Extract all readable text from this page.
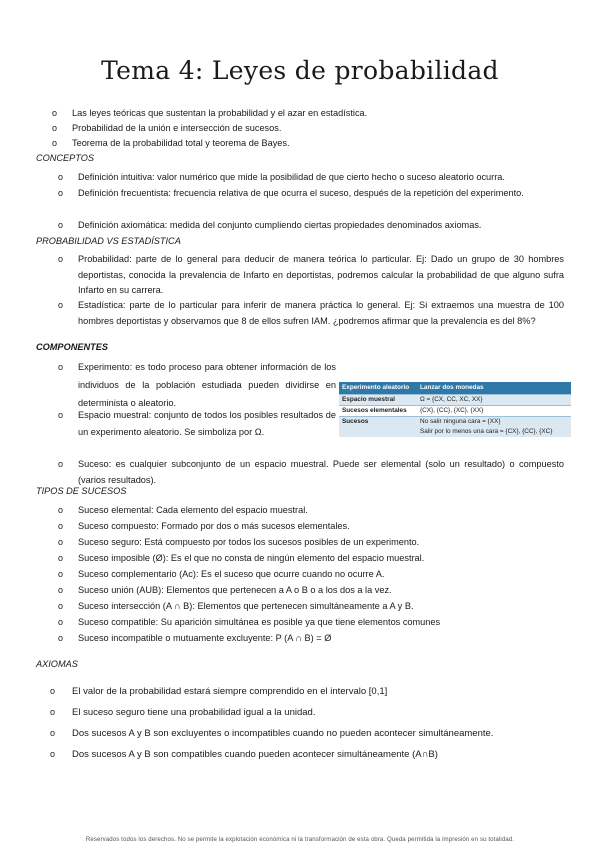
Tema 4: Leyes de probabilidad
o Las leyes teóricas que sustentan la probabilidad y el azar en estadística.
o Probabilidad de la unión e intersección de sucesos.
o Teorema de la probabilidad total y teorema de Bayes.
CONCEPTOS
o Definición intuitiva: valor numérico que mide la posibilidad de que cierto hecho o suceso aleatorio ocurra.
o Definición frecuentista: frecuencia relativa de que ocurra el suceso, después de la repetición del experimento.
o Definición axiomática: medida del conjunto cumpliendo ciertas propiedades denominados axiomas.
PROBABILIDAD VS ESTADÍSTICA
o Probabilidad: parte de lo general para deducir de manera teórica lo particular. Ej: Dado un grupo de 30 hombres deportistas, conocida la prevalencia de Infarto en deportistas, podremos calcular la probabilidad de que alguno sufra Infarto en su carrera.
o Estadística: parte de lo particular para inferir de manera práctica lo general. Ej: Si extraemos una muestra de 100 hombres deportistas y observamos que 8 de ellos sufren IAM. ¿podremos afirmar que la prevalencia es del 8%?
COMPONENTES
o Experimento: es todo proceso para obtener información de los individuos de la población estudiada pueden dividirse en determinista o aleatorio.
o Espacio muestral: conjunto de todos los posibles resultados de un experimento aleatorio. Se simboliza por Ω.
o Suceso: es cualquier subconjunto de un espacio muestral. Puede ser elemental (solo un resultado) o compuesto (varios resultados).
Experimento aleatorio	Lanzar dos monedas
Espacio muestral	Ω = {CX, CC, XC, XX}
Sucesos elementales	{CX}, {CC}, {XC}, {XX}
Sucesos	No salir ninguna cara = {XX}
	Salir por lo menos una cara = {CX}, {CC}, {XC}
TIPOS DE SUCESOS
o Suceso elemental: Cada elemento del espacio muestral.
o Suceso compuesto: Formado por dos o más sucesos elementales.
o Suceso seguro: Está compuesto por todos los sucesos posibles de un experimento.
o Suceso imposible (Ø): Es el que no consta de ningún elemento del espacio muestral.
o Suceso complementario (Ac): Es el suceso que ocurre cuando no ocurre A.
o Suceso unión (AUB): Elementos que pertenecen a A o B o a los dos a la vez.
o Suceso intersección (A ∩ B): Elementos que pertenecen simultáneamente a A y B.
o Suceso compatible: Su aparición simultánea es posible ya que tiene elementos comunes
o Suceso incompatible o mutuamente excluyente: P (A ∩ B) = Ø
AXIOMAS
o El valor de la probabilidad estará siempre comprendido en el intervalo [0,1]
o El suceso seguro tiene una probabilidad igual a la unidad.
o Dos sucesos A y B son excluyentes o incompatibles cuando no pueden acontecer simultáneamente.
o Dos sucesos A y B son compatibles cuando pueden acontecer simultáneamente (A∩B)
Reservados todos los derechos. No se permite la explotación económica ni la transformación de esta obra. Queda permitida la impresión en su totalidad.
